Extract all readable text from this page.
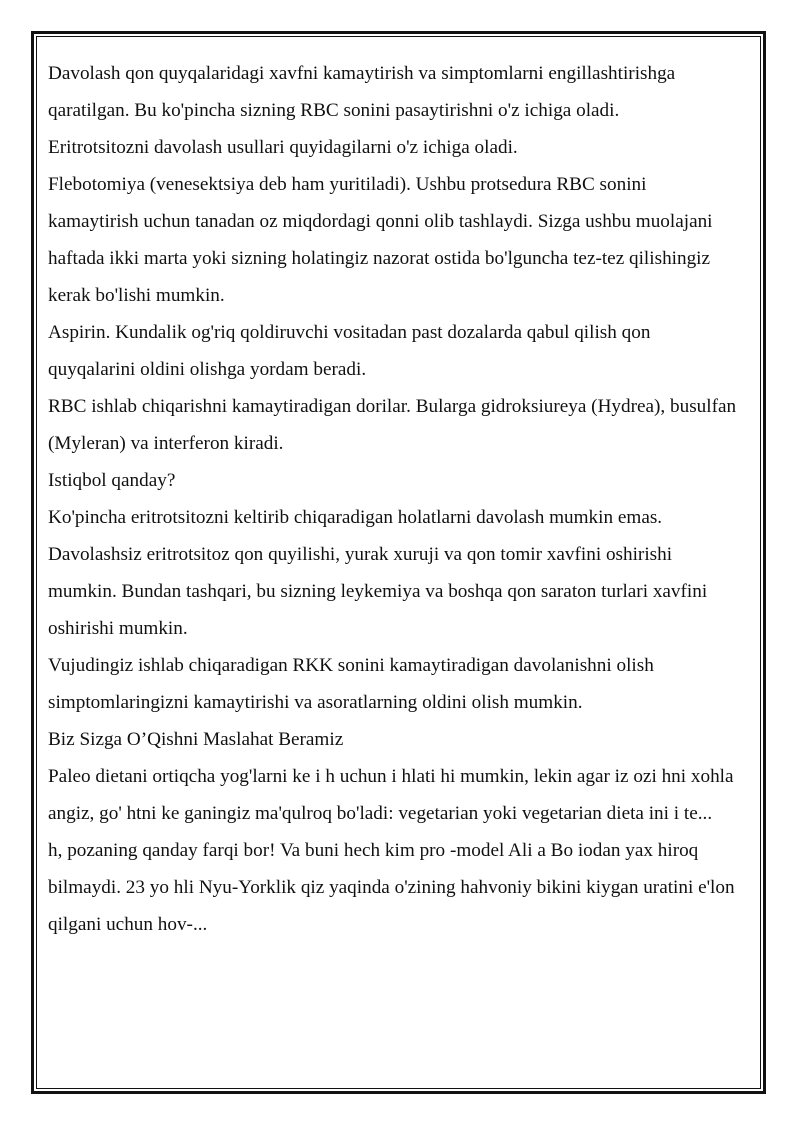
Davolash qon quyqalaridagi xavfni kamaytirish va simptomlarni engillashtirishga qaratilgan. Bu ko'pincha sizning RBC sonini pasaytirishni o'z ichiga oladi.

Eritrotsitozni davolash usullari quyidagilarni o'z ichiga oladi.

Flebotomiya (venesektsiya deb ham yuritiladi). Ushbu protsedura RBC sonini kamaytirish uchun tanadan oz miqdordagi qonni olib tashlaydi. Sizga ushbu muolajani haftada ikki marta yoki sizning holatingiz nazorat ostida bo'lguncha tez-tez qilishingiz kerak bo'lishi mumkin.

Aspirin. Kundalik og'riq qoldiruvchi vositadan past dozalarda qabul qilish qon quyqalarini oldini olishga yordam beradi.

RBC ishlab chiqarishni kamaytiradigan dorilar. Bularga gidroksiureya (Hydrea), busulfan (Myleran) va interferon kiradi.

Istiqbol qanday?

Ko'pincha eritrotsitozni keltirib chiqaradigan holatlarni davolash mumkin emas. Davolashsiz eritrotsitoz qon quyilishi, yurak xuruji va qon tomir xavfini oshirishi mumkin. Bundan tashqari, bu sizning leykemiya va boshqa qon saraton turlari xavfini oshirishi mumkin.

Vujudingiz ishlab chiqaradigan RKK sonini kamaytiradigan davolanishni olish simptomlaringizni kamaytirishi va asoratlarning oldini olish mumkin.

Biz Sizga O’Qishni Maslahat Beramiz

Paleo dietani ortiqcha yog'larni ke i h uchun i hlati hi mumkin, lekin agar iz ozi hni xohla angiz, go' htni ke ganingiz ma'qulroq bo'ladi: vegetarian yoki vegetarian dieta ini i te...

h, pozaning qanday farqi bor! Va buni hech kim pro -model Ali a Bo iodan yax hiroq bilmaydi. 23 yo hli Nyu-Yorklik qiz yaqinda o'zining hahvoniy bikini kiygan uratini e'lon qilgani uchun hov-...
